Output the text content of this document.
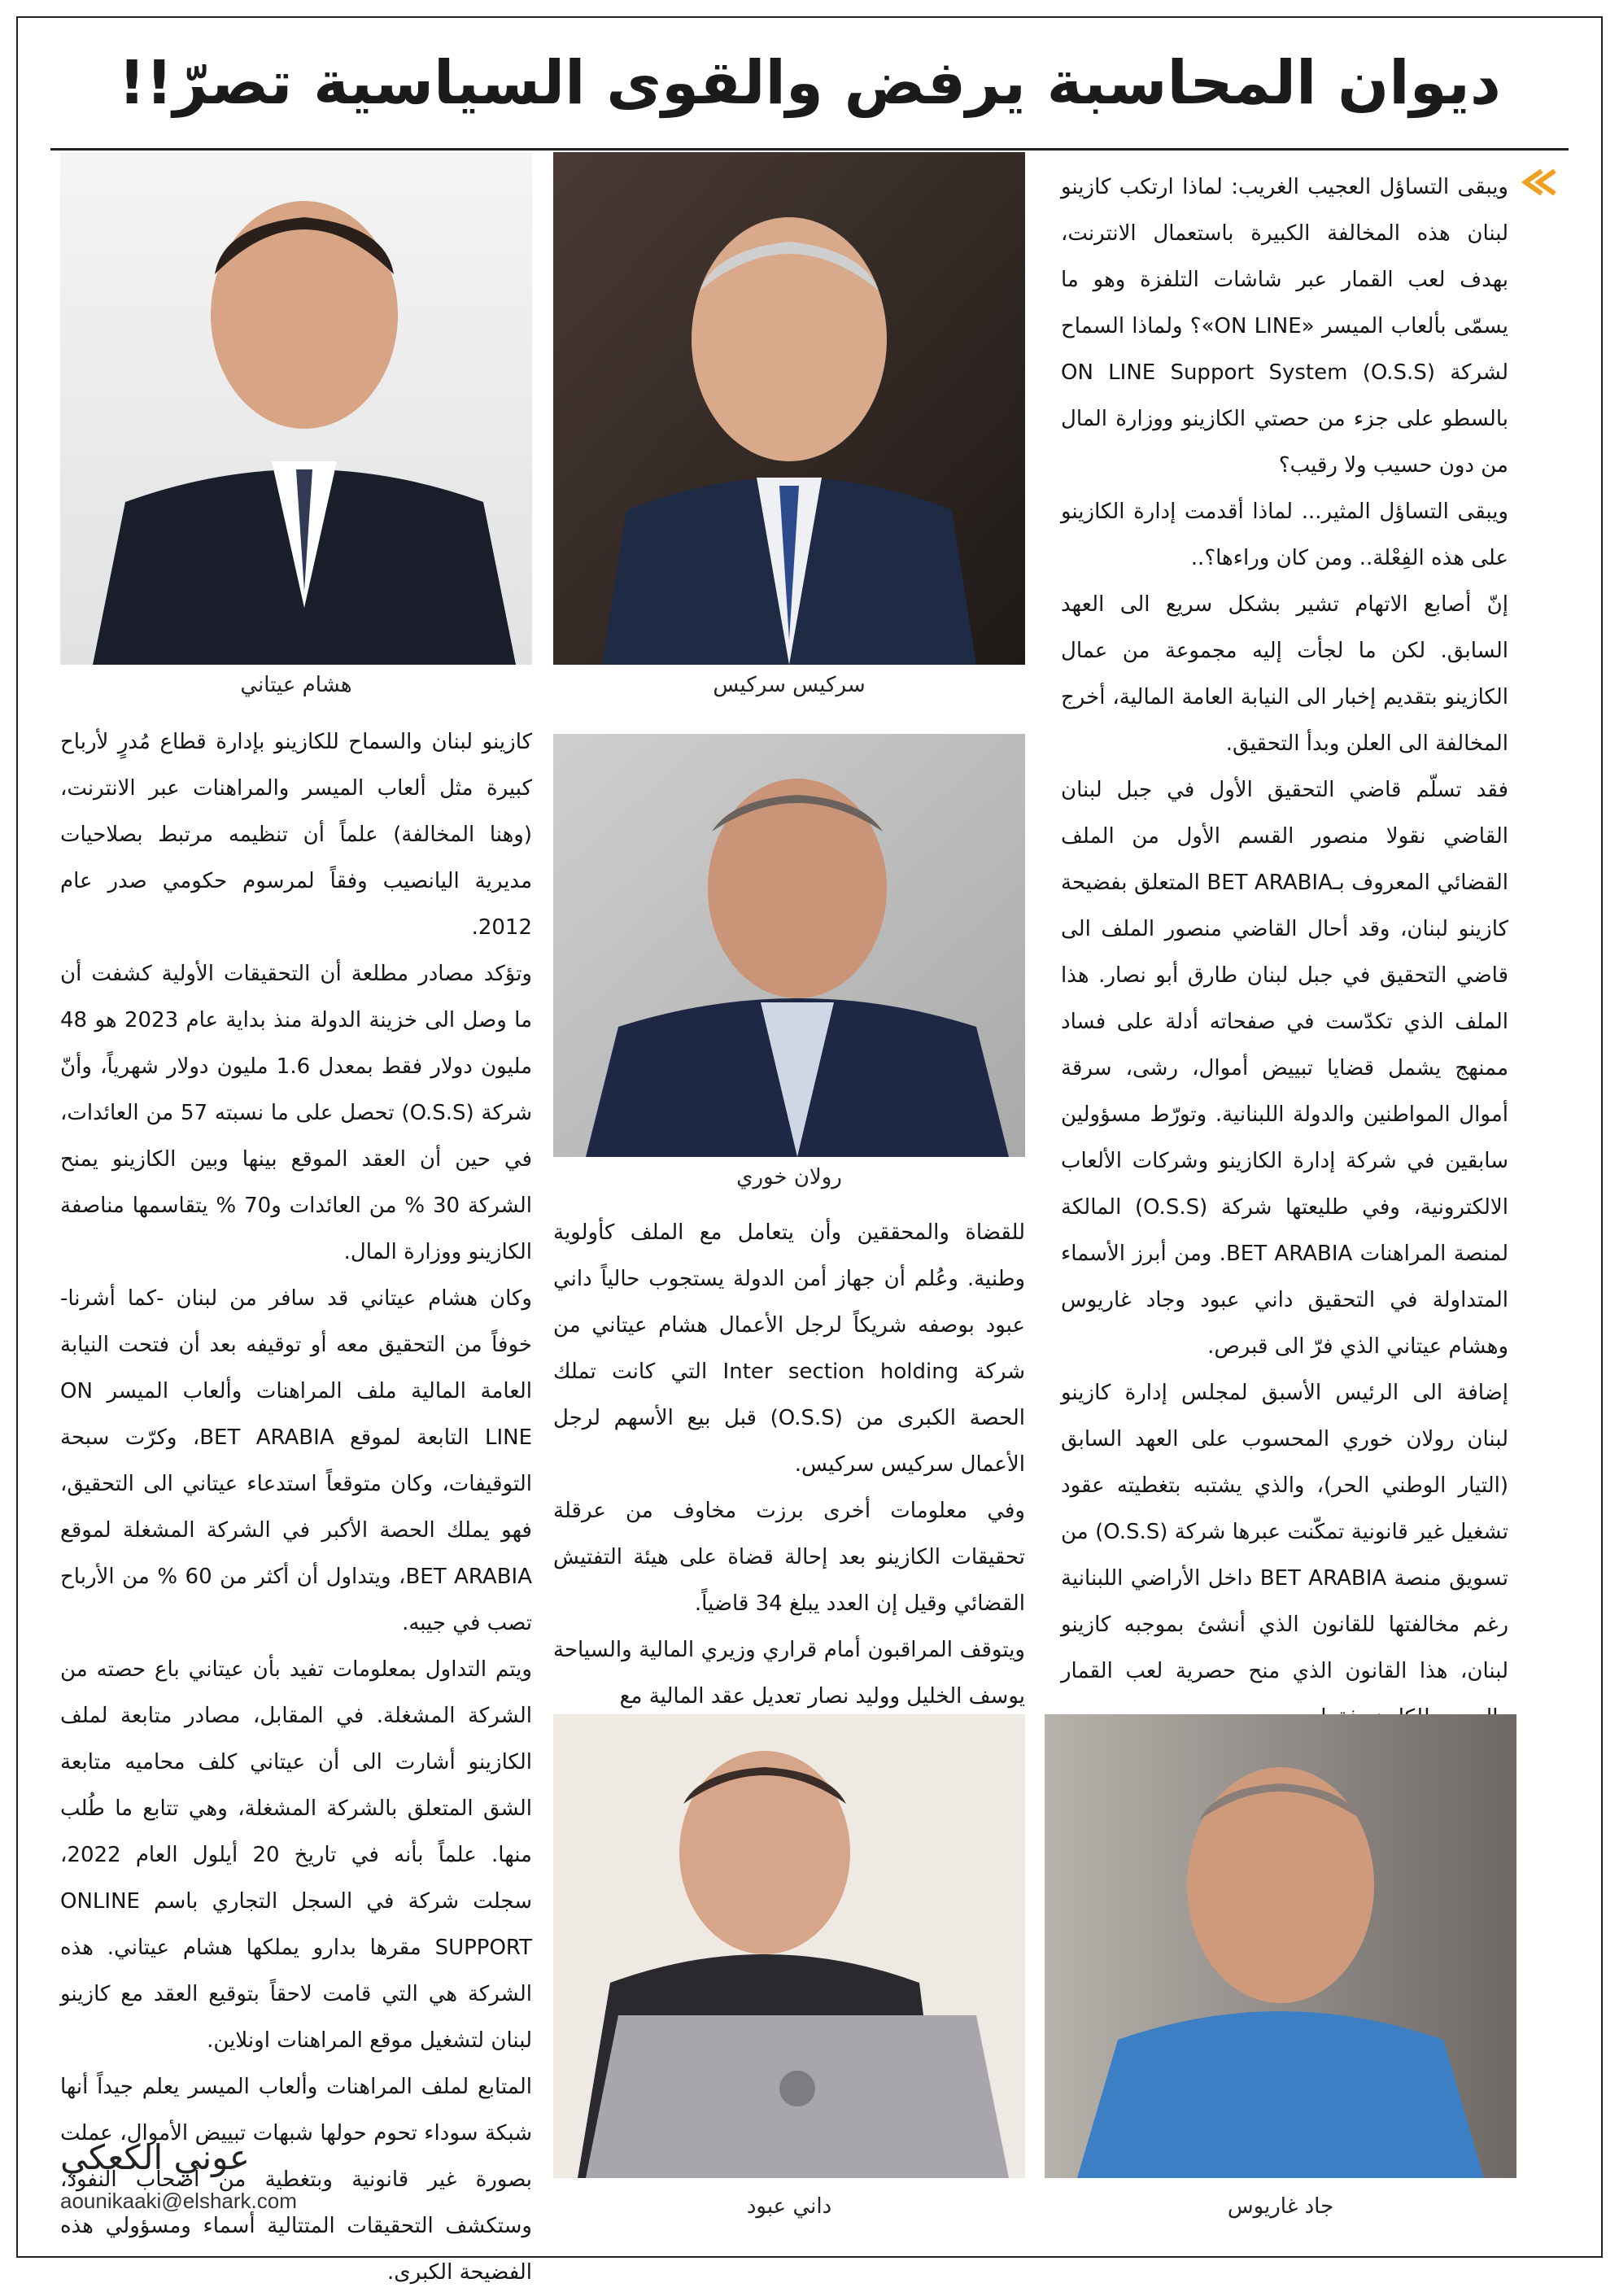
ديوان المحاسبة يرفض والقوى السياسية تصرّ!!

ويبقى التساؤل العجيب الغريب: لماذا ارتكب كازينو لبنان هذه المخالفة الكبيرة باستعمال الانترنت، بهدف لعب القمار عبر شاشات التلفزة وهو ما يسمّى بألعاب الميسر «ON LINE»؟ ولماذا السماح لشركة (O.S.S) ON LINE Support System بالسطو على جزء من حصتي الكازينو ووزارة المال من دون حسيب ولا رقيب؟

ويبقى التساؤل المثير... لماذا أقدمت إدارة الكازينو على هذه الفِعْلة.. ومن كان وراءها؟..

إنّ أصابع الاتهام تشير بشكل سريع الى العهد السابق. لكن ما لجأت إليه مجموعة من عمال الكازينو بتقديم إخبار الى النيابة العامة المالية، أخرج المخالفة الى العلن وبدأ التحقيق.

فقد تسلّم قاضي التحقيق الأول في جبل لبنان القاضي نقولا منصور القسم الأول من الملف القضائي المعروف بـBET ARABIA المتعلق بفضيحة كازينو لبنان، وقد أحال القاضي منصور الملف الى قاضي التحقيق في جبل لبنان طارق أبو نصار. هذا الملف الذي تكدّست في صفحاته أدلة على فساد ممنهج يشمل قضايا تبييض أموال، رشى، سرقة أموال المواطنين والدولة اللبنانية. وتورّط مسؤولين سابقين في شركة إدارة الكازينو وشركات الألعاب الالكترونية، وفي طليعتها شركة (O.S.S) المالكة لمنصة المراهنات BET ARABIA. ومن أبرز الأسماء المتداولة في التحقيق داني عبود وجاد غاريوس وهشام عيتاني الذي فرّ الى قبرص.

إضافة الى الرئيس الأسبق لمجلس إدارة كازينو لبنان رولان خوري المحسوب على العهد السابق (التيار الوطني الحر)، والذي يشتبه بتغطيته عقود تشغيل غير قانونية تمكّنت عبرها شركة (O.S.S) من تسويق منصة BET ARABIA داخل الأراضي اللبنانية رغم مخالفتها للقانون الذي أنشئ بموجبه كازينو لبنان، هذا القانون الذي منح حصرية لعب القمار

سركيس سركيس
هشام عيتاني

كازينو لبنان والسماح للكازينو بإدارة قطاع مُدرٍ لأرباح كبيرة مثل ألعاب الميسر والمراهنات عبر الانترنت، (وهنا المخالفة) علماً أن تنظيمه مرتبط بصلاحيات مديرية اليانصيب وفقاً لمرسوم حكومي صدر عام 2012.

وتؤكد مصادر مطلعة أن التحقيقات الأولية كشفت أن ما وصل الى خزينة الدولة منذ بداية عام 2023 هو 48 مليون دولار فقط بمعدل 1.6 مليون دولار شهرياً، وأنّ شركة (O.S.S) تحصل على ما نسبته 57 من العائدات، في حين أن العقد الموقع بينها وبين الكازينو يمنح الشركة 30 % من العائدات و70 % يتقاسمها مناصفة الكازينو ووزارة المال.

وكان هشام عيتاني قد سافر من لبنان -كما أشرنا- خوفاً من التحقيق معه أو توقيفه بعد أن فتحت النيابة العامة المالية ملف المراهنات وألعاب الميسر ON LINE التابعة لموقع BET ARABIA، وكرّت سبحة التوقيفات، وكان متوقعاً استدعاء عيتاني الى التحقيق، فهو يملك الحصة الأكبر في الشركة المشغلة لموقع BET ARABIA، ويتداول أن أكثر من 60 % من الأرباح تصب في جيبه.

ويتم التداول بمعلومات تفيد بأن عيتاني باع حصته من الشركة المشغلة. في المقابل، مصادر متابعة لملف الكازينو أشارت الى أن عيتاني كلف محاميه متابعة الشق المتعلق بالشركة المشغلة، وهي تتابع ما طُلب منها. علماً بأنه في تاريخ 20 أيلول العام 2022، سجلت شركة في السجل التجاري باسم ONLINE SUPPORT مقرها بدارو يملكها هشام عيتاني. هذه الشركة هي التي قامت لاحقاً بتوقيع العقد مع كازينو لبنان لتشغيل موقع المراهنات اونلاين.

المتابع لملف المراهنات وألعاب الميسر يعلم جيداً أنها شبكة سوداء تحوم حولها شبهات تبييض الأموال، عملت بصورة غير قانونية وبتغطية من أصحاب النفوذ، وستكشف التحقيقات المتتالية أسماء ومسؤولي هذه الفضيحة الكبرى.

رولان خوري

للقضاة والمحققين وأن يتعامل مع الملف كأولوية وطنية. وعُلم أن جهاز أمن الدولة يستجوب حالياً داني عبود بوصفه شريكاً لرجل الأعمال هشام عيتاني من شركة Inter section holding التي كانت تملك الحصة الكبرى من (O.S.S) قبل بيع الأسهم لرجل الأعمال سركيس سركيس.

وفي معلومات أخرى برزت مخاوف من عرقلة تحقيقات الكازينو بعد إحالة قضاة على هيئة التفتيش القضائي وقيل إن العدد يبلغ 34 قاضياً.

ويتوقف المراقبون أمام قراري وزيري المالية والسياحة يوسف الخليل ووليد نصار تعديل عقد المالية مع

داني عبود	جاد غاريوس
عوني الكعكي
aounikaaki@elshark.com
